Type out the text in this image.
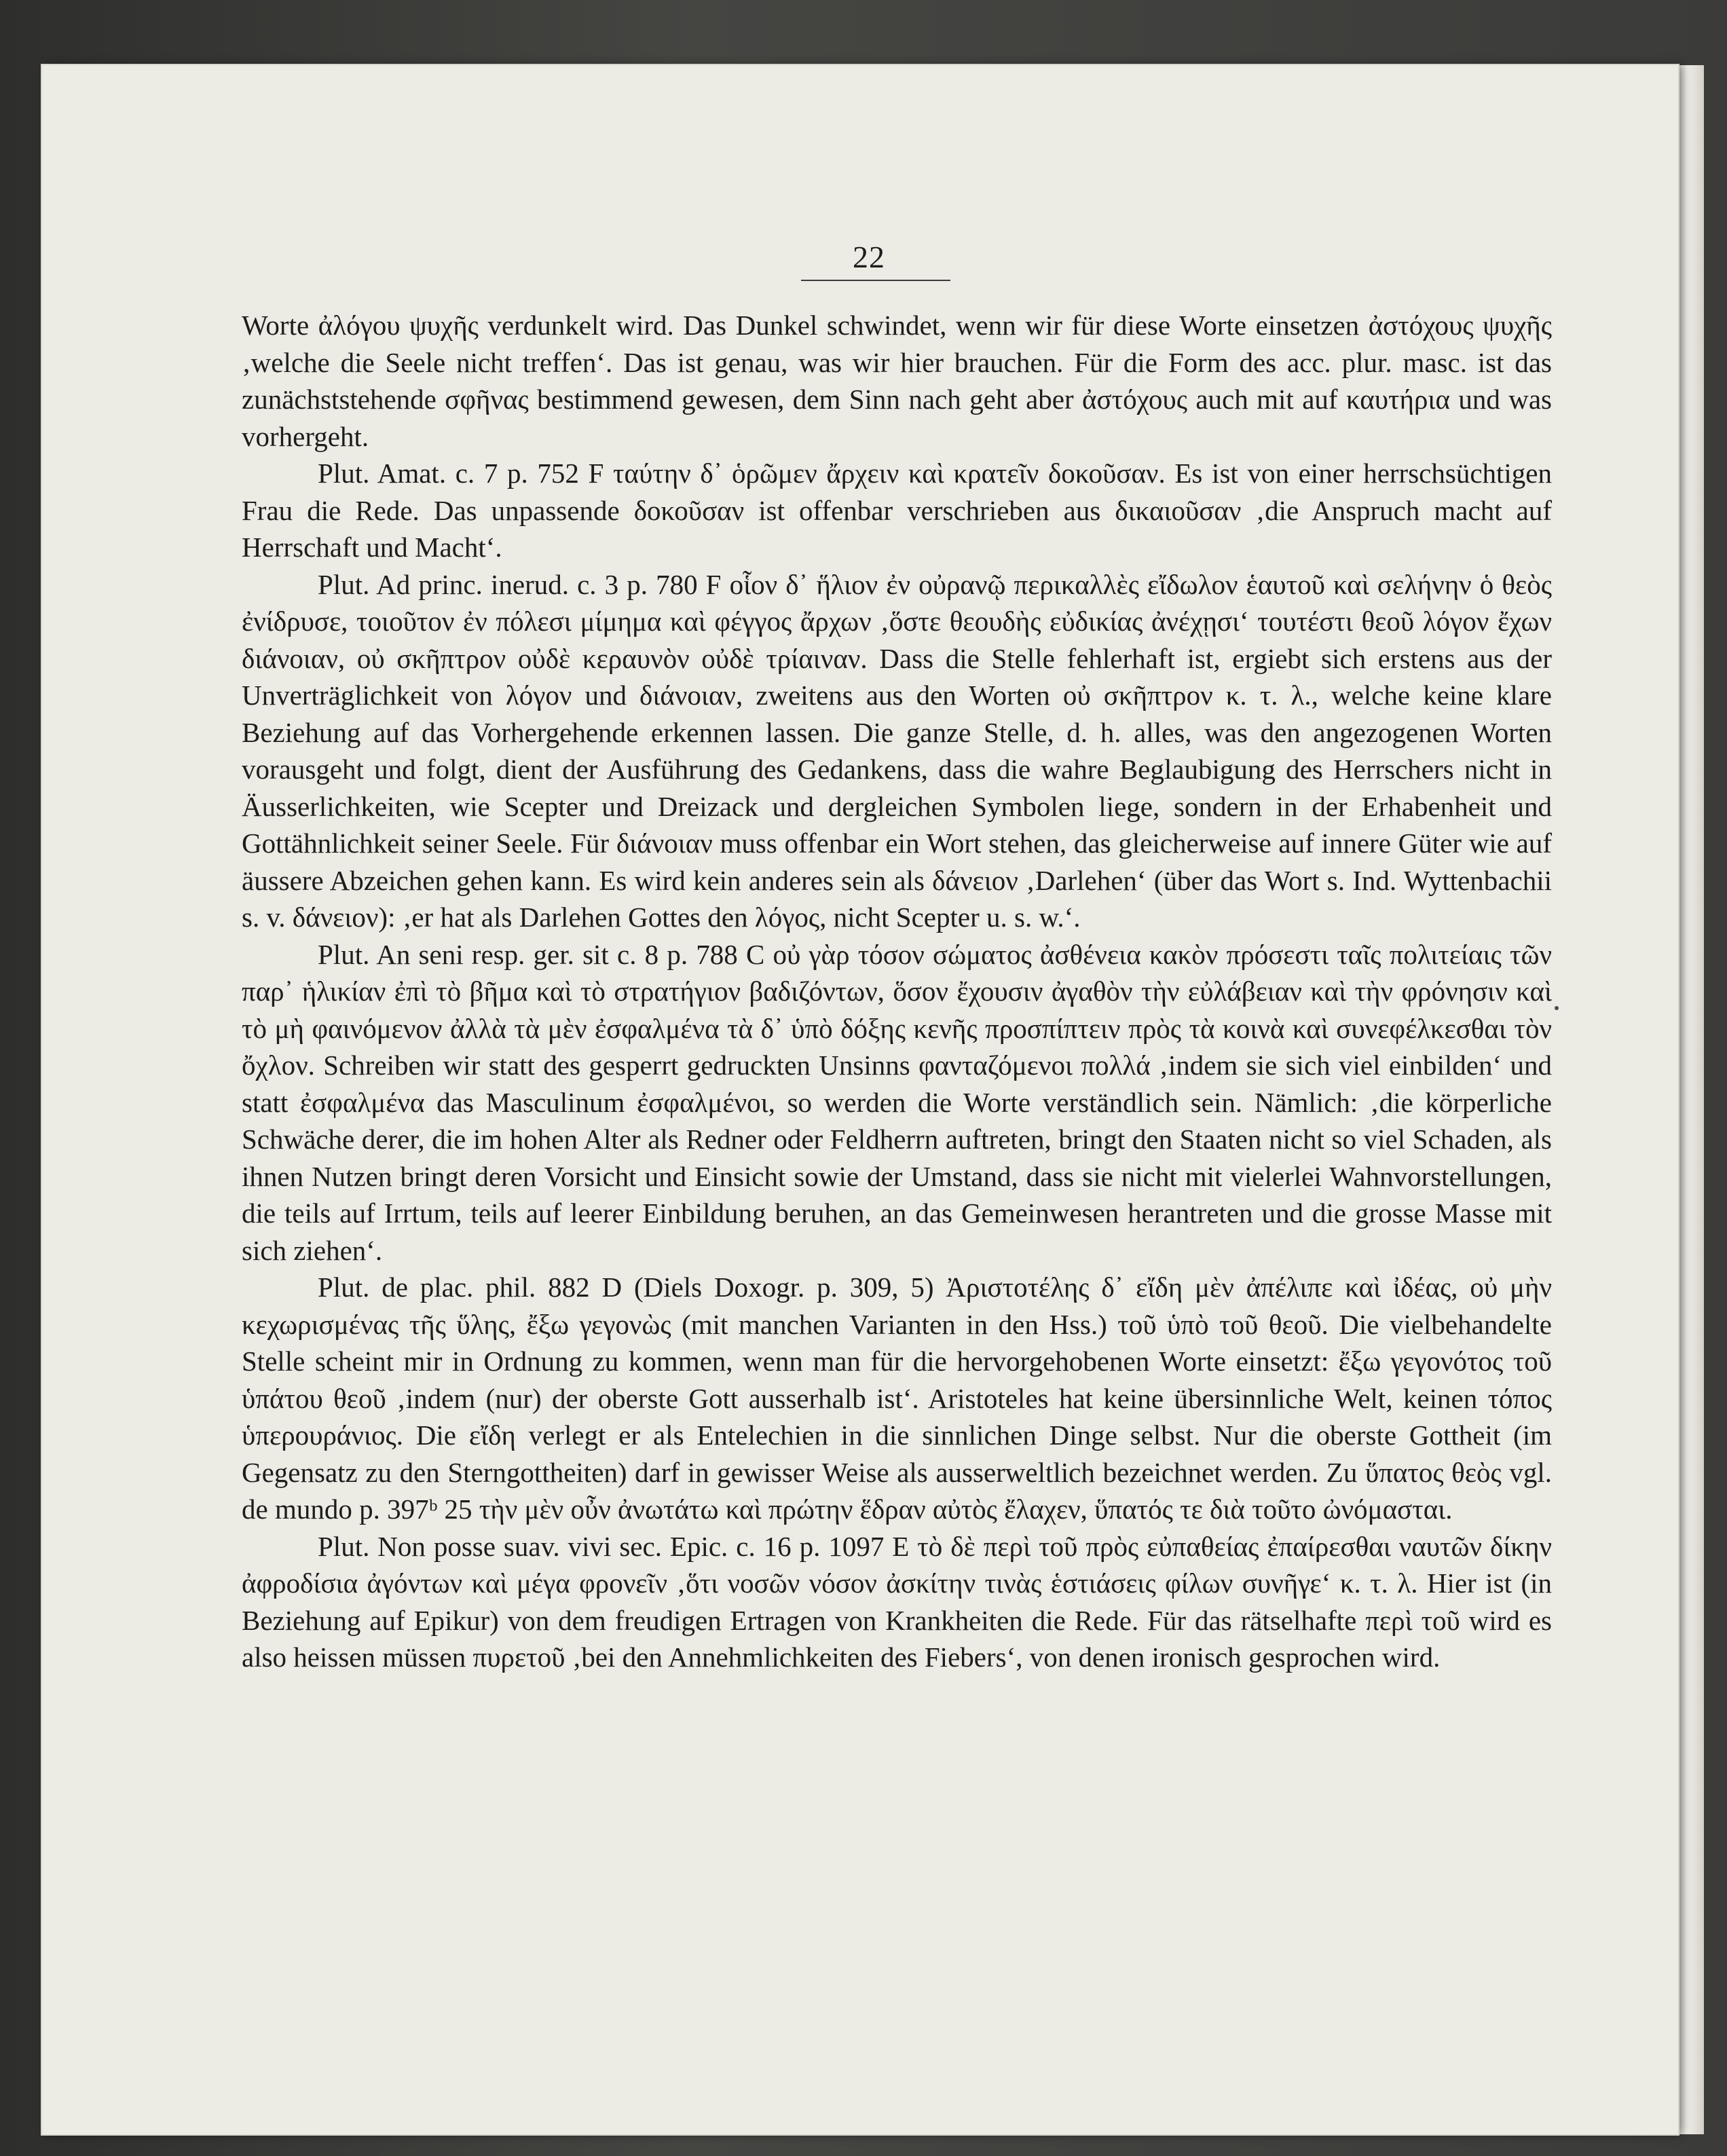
22

Worte ἀλόγου ψυχῆς verdunkelt wird. Das Dunkel schwindet, wenn wir für diese Worte einsetzen ἀστόχους ψυχῆς ‚welche die Seele nicht treffen‘. Das ist genau, was wir hier brauchen. Für die Form des acc. plur. masc. ist das zunächststehende σφῆνας bestimmend gewesen, dem Sinn nach geht aber ἀστόχους auch mit auf καυτήρια und was vorhergeht.

Plut. Amat. c. 7 p. 752 F ταύτην δ᾽ ὁρῶμεν ἄρχειν καὶ κρατεῖν δοκοῦσαν. Es ist von einer herrschsüchtigen Frau die Rede. Das unpassende δοκοῦσαν ist offenbar verschrieben aus δικαιοῦσαν ‚die Anspruch macht auf Herrschaft und Macht‘.

Plut. Ad princ. inerud. c. 3 p. 780 F οἷον δ᾽ ἥλιον ἐν οὐρανῷ περικαλλὲς εἴδωλον ἑαυτοῦ καὶ σελήνην ὁ θεὸς ἐνίδρυσε, τοιοῦτον ἐν πόλεσι μίμημα καὶ φέγγος ἄρχων ‚ὅστε θεουδὴς εὐδικίας ἀνέχῃσι‘ τουτέστι θεοῦ λόγον ἔχων διάνοιαν, οὐ σκῆπτρον οὐδὲ κεραυνὸν οὐδὲ τρίαιναν. Dass die Stelle fehlerhaft ist, ergiebt sich erstens aus der Unverträglichkeit von λόγον und διάνοιαν, zweitens aus den Worten οὐ σκῆπτρον κ. τ. λ., welche keine klare Beziehung auf das Vorhergehende erkennen lassen. Die ganze Stelle, d. h. alles, was den angezogenen Worten vorausgeht und folgt, dient der Ausführung des Gedankens, dass die wahre Beglaubigung des Herrschers nicht in Äusserlichkeiten, wie Scepter und Dreizack und dergleichen Symbolen liege, sondern in der Erhabenheit und Gottähnlichkeit seiner Seele. Für διάνοιαν muss offenbar ein Wort stehen, das gleicherweise auf innere Güter wie auf äussere Abzeichen gehen kann. Es wird kein anderes sein als δάνειον ‚Darlehen‘ (über das Wort s. Ind. Wyttenbachii s. v. δάνειον): ‚er hat als Darlehen Gottes den λόγος, nicht Scepter u. s. w.‘.

Plut. An seni resp. ger. sit c. 8 p. 788 C οὐ γὰρ τόσον σώματος ἀσθένεια κακὸν πρόσεστι ταῖς πολιτείαις τῶν παρ᾽ ἡλικίαν ἐπὶ τὸ βῆμα καὶ τὸ στρατήγιον βαδιζόντων, ὅσον ἔχουσιν ἀγαθὸν τὴν εὐλάβειαν καὶ τὴν φρόνησιν καὶ τὸ μὴ φαινόμενον ἀλλὰ τὰ μὲν ἐσφαλμένα τὰ δ᾽ ὑπὸ δόξης κενῆς προσπίπτειν πρὸς τὰ κοινὰ καὶ συνεφέλκεσθαι τὸν ὄχλον. Schreiben wir statt des gesperrt gedruckten Unsinns φανταζόμενοι πολλά ‚indem sie sich viel einbilden‘ und statt ἐσφαλμένα das Masculinum ἐσφαλμένοι, so werden die Worte verständlich sein. Nämlich: ‚die körperliche Schwäche derer, die im hohen Alter als Redner oder Feldherrn auftreten, bringt den Staaten nicht so viel Schaden, als ihnen Nutzen bringt deren Vorsicht und Einsicht sowie der Umstand, dass sie nicht mit vielerlei Wahnvorstellungen, die teils auf Irrtum, teils auf leerer Einbildung beruhen, an das Gemeinwesen herantreten und die grosse Masse mit sich ziehen‘.

Plut. de plac. phil. 882 D (Diels Doxogr. p. 309, 5) Ἀριστοτέλης δ᾽ εἴδη μὲν ἀπέλιπε καὶ ἰδέας, οὐ μὴν κεχωρισμένας τῆς ὕλης, ἔξω γεγονὼς (mit manchen Varianten in den Hss.) τοῦ ὑπὸ τοῦ θεοῦ. Die vielbehandelte Stelle scheint mir in Ordnung zu kommen, wenn man für die hervorgehobenen Worte einsetzt: ἔξω γεγονότος τοῦ ὑπάτου θεοῦ ‚indem (nur) der oberste Gott ausserhalb ist‘. Aristoteles hat keine übersinnliche Welt, keinen τόπος ὑπερουράνιος. Die εἴδη verlegt er als Entelechien in die sinnlichen Dinge selbst. Nur die oberste Gottheit (im Gegensatz zu den Sterngottheiten) darf in gewisser Weise als ausserweltlich bezeichnet werden. Zu ὕπατος θεὸς vgl. de mundo p. 397ᵇ 25 τὴν μὲν οὖν ἀνωτάτω καὶ πρώτην ἕδραν αὐτὸς ἔλαχεν, ὕπατός τε διὰ τοῦτο ὠνόμασται.

Plut. Non posse suav. vivi sec. Epic. c. 16 p. 1097 E τὸ δὲ περὶ τοῦ πρὸς εὐπαθείας ἐπαίρεσθαι ναυτῶν δίκην ἀφροδίσια ἀγόντων καὶ μέγα φρονεῖν ‚ὅτι νοσῶν νόσον ἀσκίτην τινὰς ἑστιάσεις φίλων συνῆγε‘ κ. τ. λ. Hier ist (in Beziehung auf Epikur) von dem freudigen Ertragen von Krankheiten die Rede. Für das rätselhafte περὶ τοῦ wird es also heissen müssen πυρετοῦ ‚bei den Annehmlichkeiten des Fiebers‘, von denen ironisch gesprochen wird.
